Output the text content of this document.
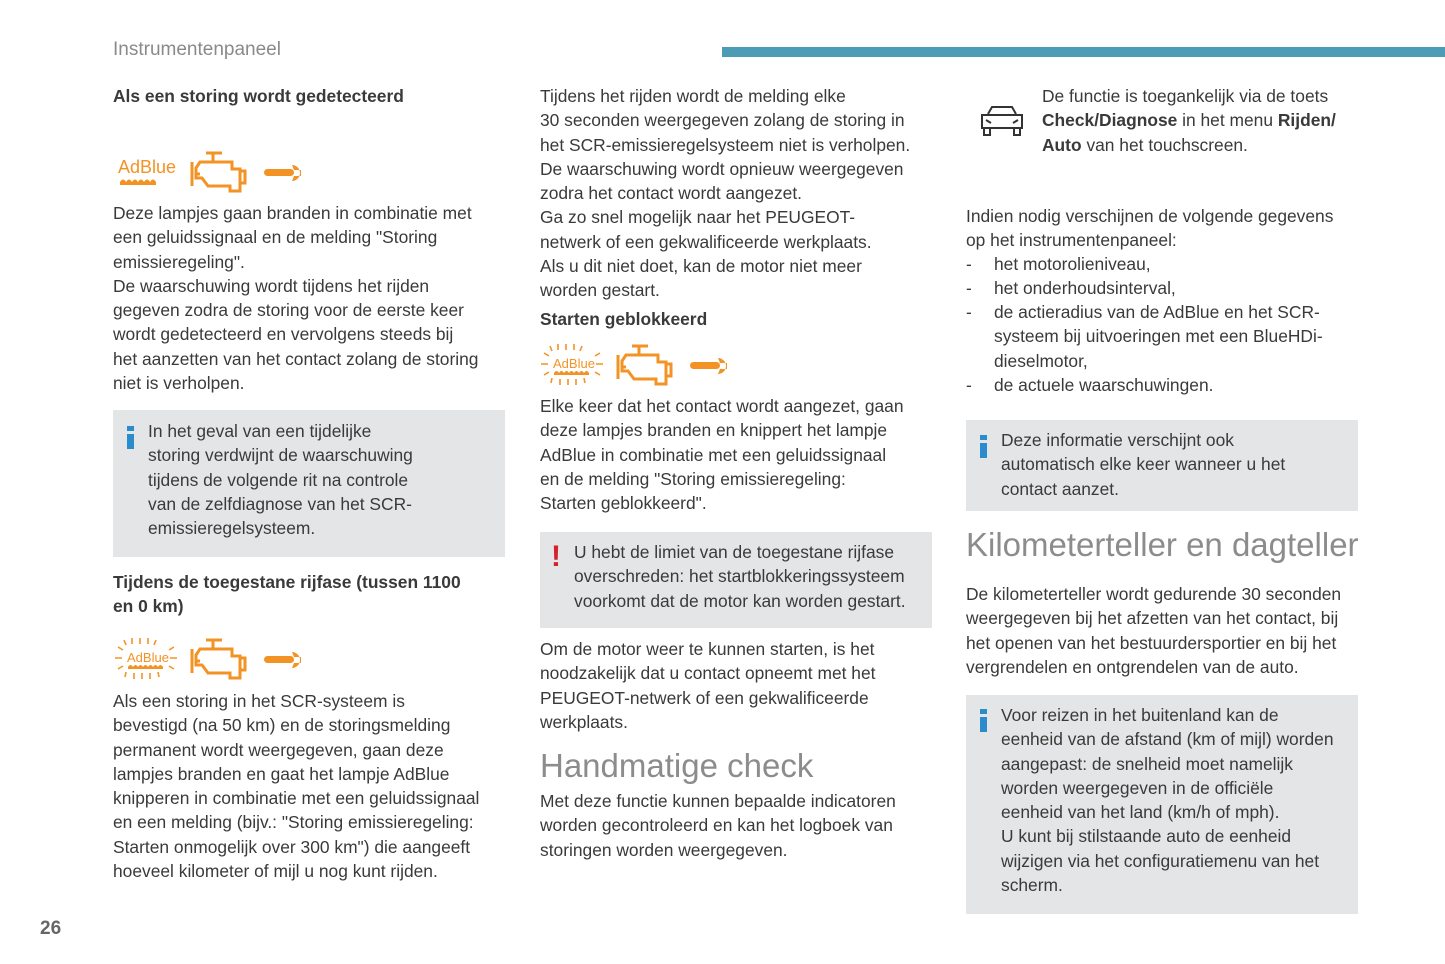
Instrumentenpaneel
26
Als een storing wordt gedetecteerd
AdBlue
Deze lampjes gaan branden in combinatie met
een geluidssignaal en de melding "Storing
emissieregeling".
De waarschuwing wordt tijdens het rijden
gegeven zodra de storing voor de eerste keer
wordt gedetecteerd en vervolgens steeds bij
het aanzetten van het contact zolang de storing
niet is verholpen.
In het geval van een tijdelijke
storing verdwijnt de waarschuwing
tijdens de volgende rit na controle
van de zelfdiagnose van het SCR-
emissieregelsysteem.
Tijdens de toegestane rijfase (tussen 1100
en 0 km)
AdBlue
Als een storing in het SCR-systeem is
bevestigd (na 50 km) en de storingsmelding
permanent wordt weergegeven, gaan deze
lampjes branden en gaat het lampje AdBlue
knipperen in combinatie met een geluidssignaal
en een melding (bijv.: "Storing emissieregeling:
Starten onmogelijk over 300 km") die aangeeft
hoeveel kilometer of mijl u nog kunt rijden.
Tijdens het rijden wordt de melding elke
30 seconden weergegeven zolang de storing in
het SCR-emissieregelsysteem niet is verholpen.
De waarschuwing wordt opnieuw weergegeven
zodra het contact wordt aangezet.
Ga zo snel mogelijk naar het PEUGEOT-
netwerk of een gekwalificeerde werkplaats.
Als u dit niet doet, kan de motor niet meer
worden gestart.
Starten geblokkeerd
AdBlue
Elke keer dat het contact wordt aangezet, gaan
deze lampjes branden en knippert het lampje
AdBlue in combinatie met een geluidssignaal
en de melding "Storing emissieregeling:
Starten geblokkeerd".
! U hebt de limiet van de toegestane rijfase
overschreden: het startblokkeringssysteem
voorkomt dat de motor kan worden gestart.
Om de motor weer te kunnen starten, is het
noodzakelijk dat u contact opneemt met het
PEUGEOT-netwerk of een gekwalificeerde
werkplaats.
Handmatige check
Met deze functie kunnen bepaalde indicatoren
worden gecontroleerd en kan het logboek van
storingen worden weergegeven.
De functie is toegankelijk via de toets
Check/Diagnose in het menu Rijden/
Auto van het touchscreen.
Indien nodig verschijnen de volgende gegevens
op het instrumentenpaneel:
- het motorolieniveau,
- het onderhoudsinterval,
- de actieradius van de AdBlue en het SCR-
systeem bij uitvoeringen met een BlueHDi-
dieselmotor,
- de actuele waarschuwingen.
Deze informatie verschijnt ook
automatisch elke keer wanneer u het
contact aanzet.
Kilometerteller en dagteller
De kilometerteller wordt gedurende 30 seconden
weergegeven bij het afzetten van het contact, bij
het openen van het bestuurdersportier en bij het
vergrendelen en ontgrendelen van de auto.
Voor reizen in het buitenland kan de
eenheid van de afstand (km of mijl) worden
aangepast: de snelheid moet namelijk
worden weergegeven in de officiële
eenheid van het land (km/h of mph).
U kunt bij stilstaande auto de eenheid
wijzigen via het configuratiemenu van het
scherm.
